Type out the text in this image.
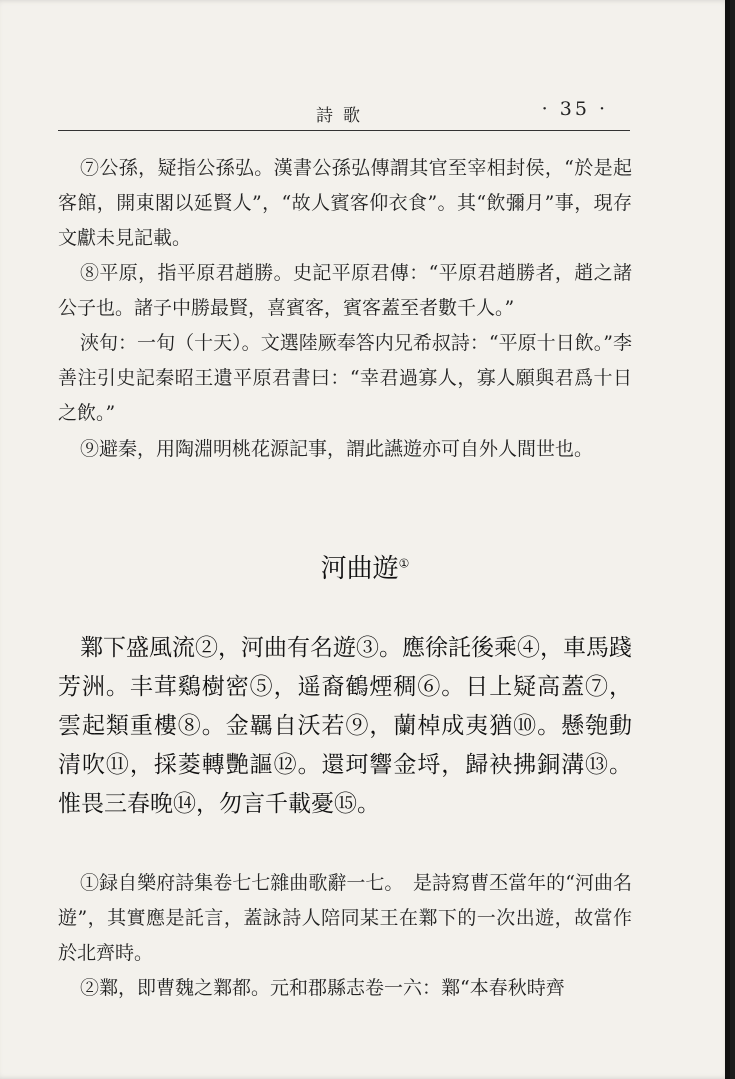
詩歌	· 35 ·

⑦公孫，疑指公孫弘。漢書公孫弘傳謂其官至宰相封侯，“於是起客館，開東閣以延賢人”，“故人賓客仰衣食”。其“飲彌月”事，現存文獻未見記載。

⑧平原，指平原君趙勝。史記平原君傳：“平原君趙勝者，趙之諸公子也。諸子中勝最賢，喜賓客，賓客蓋至者數千人。”

浹旬：一旬（十天）。文選陸厥奉答内兄希叔詩：“平原十日飲。”李善注引史記秦昭王遺平原君書曰：“幸君過寡人，寡人願與君爲十日之飲。”

⑨避秦，用陶淵明桃花源記事，謂此讌遊亦可自外人間世也。

河曲遊①

鄴下盛風流②，河曲有名遊③。應徐託後乘④，車馬踐芳洲。丰茸鷄樹密⑤，遥裔鶴煙稠⑥。日上疑高蓋⑦，雲起類重樓⑧。金羈自沃若⑨，蘭棹成夷猶⑩。懸匏動清吹⑪，採菱轉艷謳⑫。還珂響金埒，歸袂拂銅溝⑬。惟畏三春晚⑭，勿言千載憂⑮。

①録自樂府詩集卷七七雜曲歌辭一七。　是詩寫曹丕當年的“河曲名遊”，其實應是託言，蓋詠詩人陪同某王在鄴下的一次出遊，故當作於北齊時。

②鄴，即曹魏之鄴都。元和郡縣志卷一六：鄴“本春秋時齊
